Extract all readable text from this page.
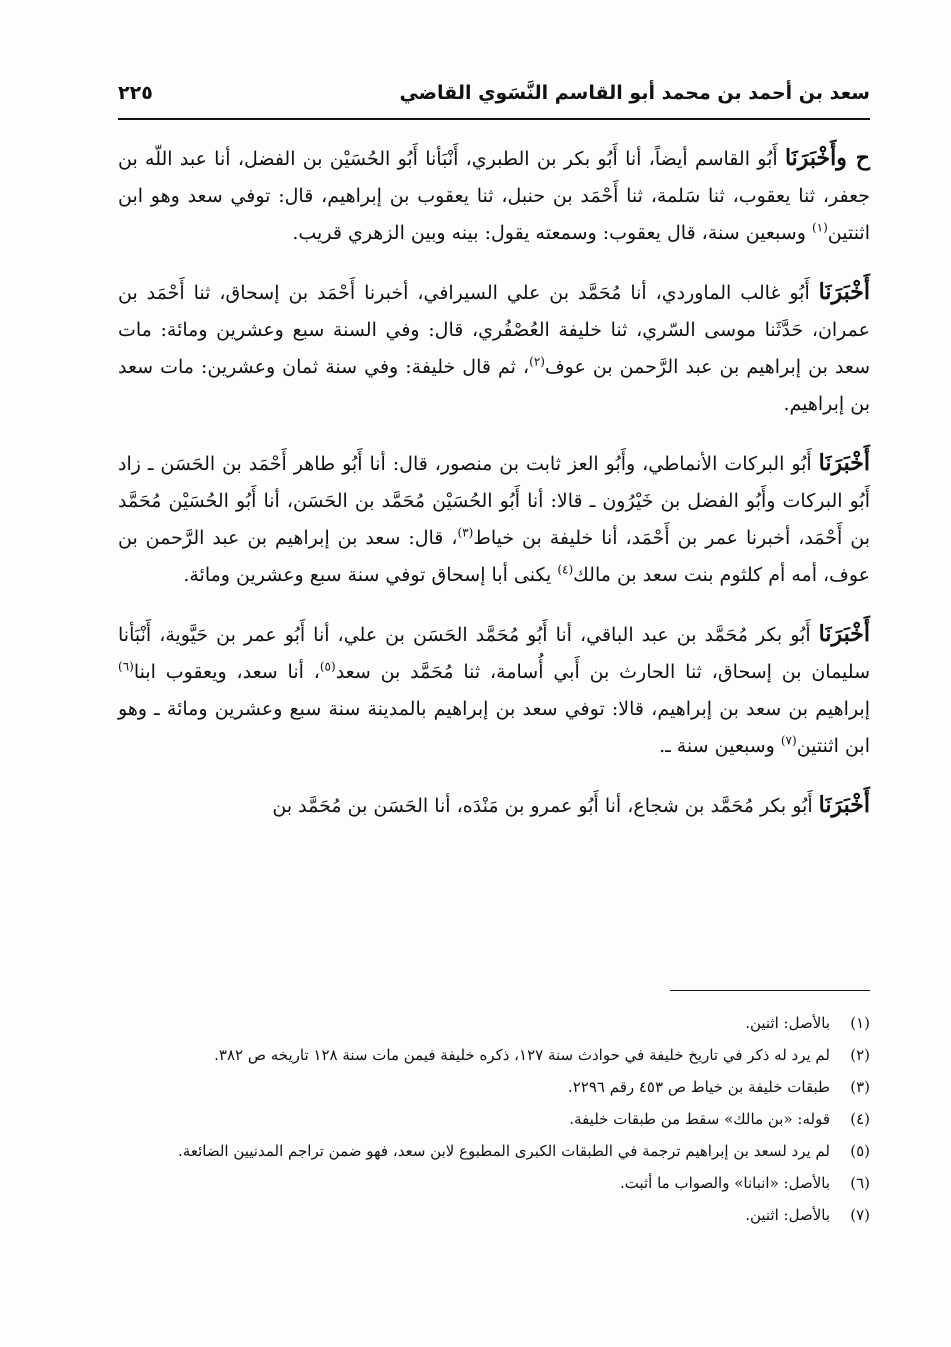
سعد بن أحمد بن محمد أبو القاسم النَّسَوي القاضي
٢٢٥

ح وأَخْبَرَنَا أَبُو القاسم أيضاً، أنا أَبُو بكر بن الطبري، أَنْبَأنا أَبُو الحُسَيْن بن الفضل، أنا عبد اللّه بن جعفر، ثنا يعقوب، ثنا سَلمة، ثنا أَحْمَد بن حنبل، ثنا يعقوب بن إبراهيم، قال: توفي سعد وهو ابن اثنتين$^{(١)}$ وسبعين سنة، قال يعقوب: وسمعته يقول: بينه وبين الزهري قريب.

أَخْبَرَنَا أَبُو غالب الماوردي، أنا مُحَمَّد بن علي السيرافي، أخبرنا أَحْمَد بن إسحاق، ثنا أَحْمَد بن عمران، حَدَّثَنا موسى السّري، ثنا خليفة العُصْفُري، قال: وفي السنة سبع وعشرين ومائة: مات سعد بن إبراهيم بن عبد الرَّحمن بن عوف$^{(٢)}$، ثم قال خليفة: وفي سنة ثمان وعشرين: مات سعد بن إبراهيم.

أَخْبَرَنَا أَبُو البركات الأنماطي، وأَبُو العز ثابت بن منصور، قال: أنا أَبُو طاهر أَحْمَد بن الحَسَن ـ زاد أَبُو البركات وأَبُو الفضل بن خَيْرُون ـ قالا: أنا أَبُو الحُسَيْن مُحَمَّد بن الحَسَن، أنا أَبُو الحُسَيْن مُحَمَّد بن أَحْمَد، أخبرنا عمر بن أَحْمَد، أنا خليفة بن خياط$^{(٣)}$، قال: سعد بن إبراهيم بن عبد الرَّحمن بن عوف، أمه أم كلثوم بنت سعد بن مالك$^{(٤)}$ يكنى أبا إسحاق توفي سنة سبع وعشرين ومائة.

أَخْبَرَنَا أَبُو بكر مُحَمَّد بن عبد الباقي، أنا أَبُو مُحَمَّد الحَسَن بن علي، أنا أَبُو عمر بن حَيَّوية، أَنْبَأنا سليمان بن إسحاق، ثنا الحارث بن أَبي أُسامة، ثنا مُحَمَّد بن سعد$^{(٥)}$، أنا سعد، ويعقوب ابنا$^{(٦)}$ إبراهيم بن سعد بن إبراهيم، قالا: توفي سعد بن إبراهيم بالمدينة سنة سبع وعشرين ومائة ـ وهو ابن اثنتين$^{(٧)}$ وسبعين سنة ـ.

أَخْبَرَنَا أَبُو بكر مُحَمَّد بن شجاع، أنا أَبُو عمرو بن مَنْدَه، أنا الحَسَن بن مُحَمَّد بن

(١)
بالأصل: اثنين.
(٢)
لم يرد له ذكر في تاريخ خليفة في حوادث سنة ١٢٧، ذكره خليفة فيمن مات سنة ١٢٨ تاريخه ص ٣٨٢.
(٣)
طبقات خليفة بن خياط ص ٤٥٣ رقم ٢٢٩٦.
(٤)
قوله: «بن مالك» سقط من طبقات خليفة.
(٥)
لم يرد لسعد بن إبراهيم ترجمة في الطبقات الكبرى المطبوع لابن سعد، فهو ضمن تراجم المدنيين الضائعة.
(٦)
بالأصل: «انبانا» والصواب ما أثبت.
(٧)
بالأصل: اثنين.
